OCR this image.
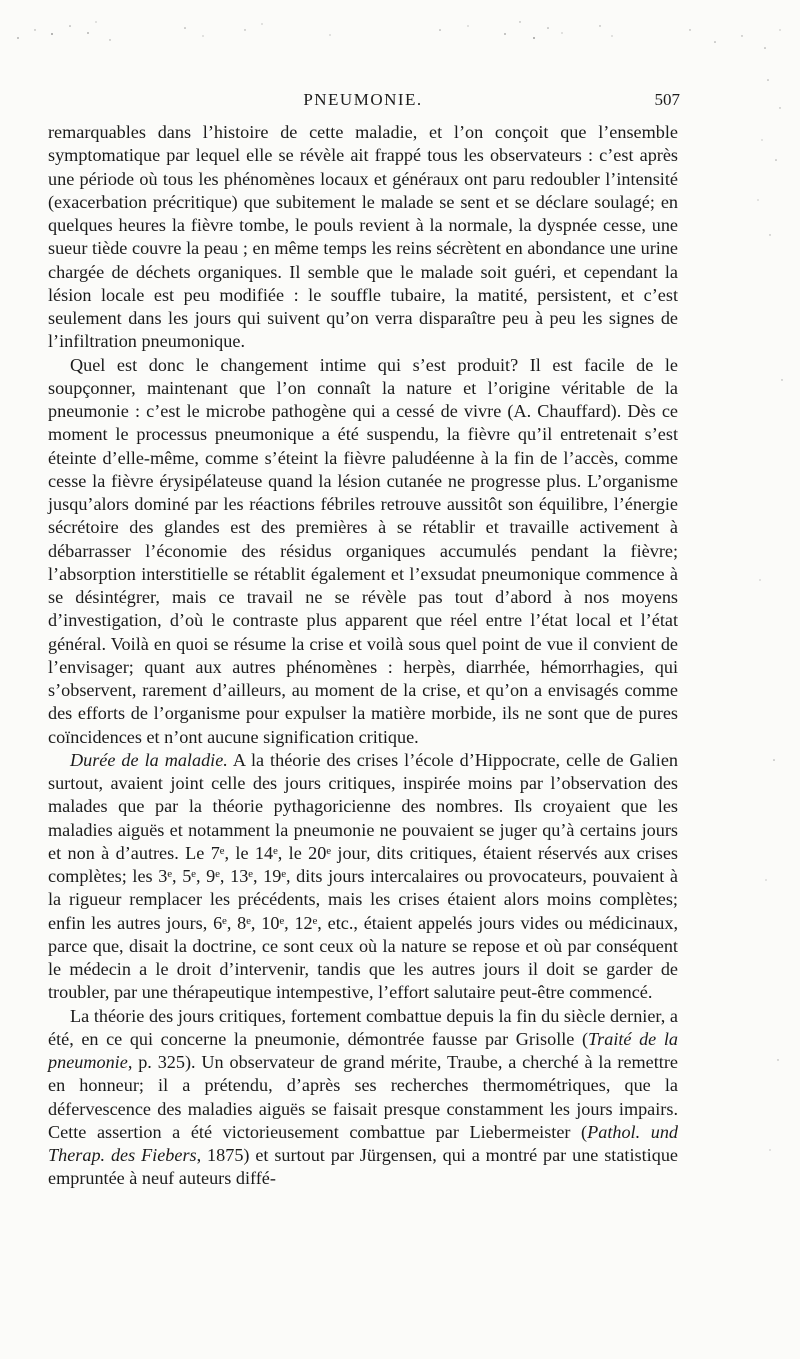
PNEUMONIE.	507

remarquables dans l’histoire de cette maladie, et l’on conçoit que l’ensemble symptomatique par lequel elle se révèle ait frappé tous les observateurs : c’est après une période où tous les phénomènes locaux et généraux ont paru redoubler l’intensité (exacerbation précritique) que subitement le malade se sent et se déclare soulagé; en quelques heures la fièvre tombe, le pouls revient à la normale, la dyspnée cesse, une sueur tiède couvre la peau ; en même temps les reins sécrètent en abondance une urine chargée de déchets organiques. Il semble que le malade soit guéri, et cependant la lésion locale est peu modifiée : le souffle tubaire, la matité, persistent, et c’est seulement dans les jours qui suivent qu’on verra disparaître peu à peu les signes de l’infiltration pneumonique.

Quel est donc le changement intime qui s’est produit? Il est facile de le soupçonner, maintenant que l’on connaît la nature et l’origine véritable de la pneumonie : c’est le microbe pathogène qui a cessé de vivre (A. Chauffard). Dès ce moment le processus pneumonique a été suspendu, la fièvre qu’il entretenait s’est éteinte d’elle-même, comme s’éteint la fièvre paludéenne à la fin de l’accès, comme cesse la fièvre érysipélateuse quand la lésion cutanée ne progresse plus. L’organisme jusqu’alors dominé par les réactions fébriles retrouve aussitôt son équilibre, l’énergie sécrétoire des glandes est des premières à se rétablir et travaille activement à débarrasser l’économie des résidus organiques accumulés pendant la fièvre; l’absorption interstitielle se rétablit également et l’exsudat pneumonique commence à se désintégrer, mais ce travail ne se révèle pas tout d’abord à nos moyens d’investigation, d’où le contraste plus apparent que réel entre l’état local et l’état général. Voilà en quoi se résume la crise et voilà sous quel point de vue il convient de l’envisager; quant aux autres phénomènes : herpès, diarrhée, hémorrhagies, qui s’observent, rarement d’ailleurs, au moment de la crise, et qu’on a envisagés comme des efforts de l’organisme pour expulser la matière morbide, ils ne sont que de pures coïncidences et n’ont aucune signification critique.

Durée de la maladie. A la théorie des crises l’école d’Hippocrate, celle de Galien surtout, avaient joint celle des jours critiques, inspirée moins par l’observation des malades que par la théorie pythagoricienne des nombres. Ils croyaient que les maladies aiguës et notamment la pneumonie ne pouvaient se juger qu’à certains jours et non à d’autres. Le 7ᵉ, le 14ᵉ, le 20ᵉ jour, dits critiques, étaient réservés aux crises complètes; les 3ᵉ, 5ᵉ, 9ᵉ, 13ᵉ, 19ᵉ, dits jours intercalaires ou provocateurs, pouvaient à la rigueur remplacer les précédents, mais les crises étaient alors moins complètes; enfin les autres jours, 6ᵉ, 8ᵉ, 10ᵉ, 12ᵉ, etc., étaient appelés jours vides ou médicinaux, parce que, disait la doctrine, ce sont ceux où la nature se repose et où par conséquent le médecin a le droit d’intervenir, tandis que les autres jours il doit se garder de troubler, par une thérapeutique intempestive, l’effort salutaire peut-être commencé.

La théorie des jours critiques, fortement combattue depuis la fin du siècle dernier, a été, en ce qui concerne la pneumonie, démontrée fausse par Grisolle (Traité de la pneumonie, p. 325). Un observateur de grand mérite, Traube, a cherché à la remettre en honneur; il a prétendu, d’après ses recherches thermométriques, que la défervescence des maladies aiguës se faisait presque constamment les jours impairs. Cette assertion a été victorieusement combattue par Liebermeister (Pathol. und Therap. des Fiebers, 1875) et surtout par Jürgensen, qui a montré par une statistique empruntée à neuf auteurs diffé-
